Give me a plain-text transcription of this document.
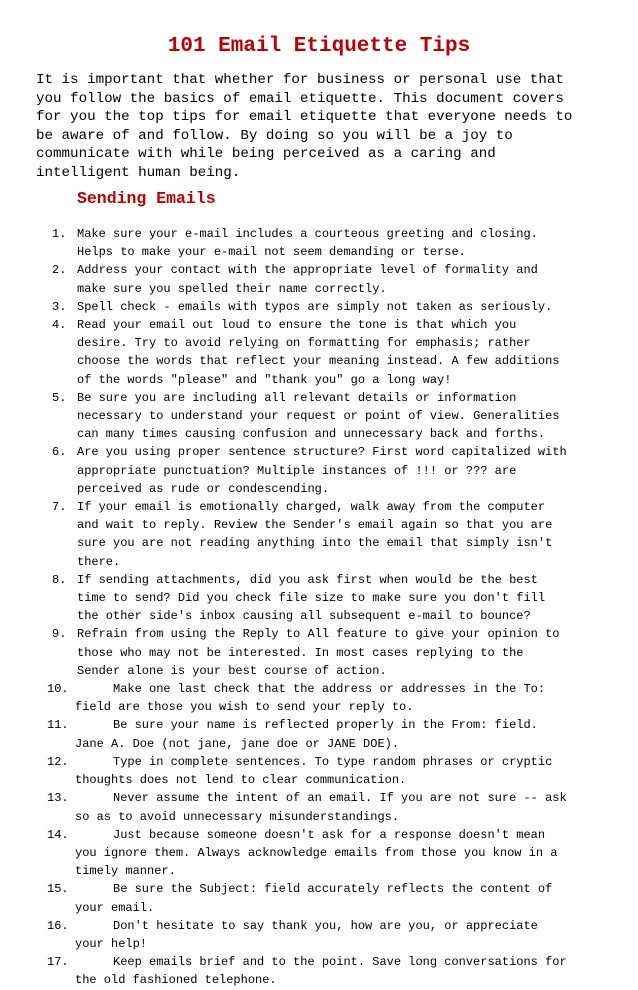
101 Email Etiquette Tips

It is important that whether for business or personal use that
you follow the basics of email etiquette. This document covers
for you the top tips for email etiquette that everyone needs to
be aware of and follow. By doing so you will be a joy to
communicate with while being perceived as a caring and
intelligent human being.

Sending Emails
1. Make sure your e-mail includes a courteous greeting and closing.
Helps to make your e-mail not seem demanding or terse.
2. Address your contact with the appropriate level of formality and
make sure you spelled their name correctly.
3. Spell check - emails with typos are simply not taken as seriously.
4. Read your email out loud to ensure the tone is that which you
desire. Try to avoid relying on formatting for emphasis; rather
choose the words that reflect your meaning instead. A few additions
of the words "please" and "thank you" go a long way!
5. Be sure you are including all relevant details or information
necessary to understand your request or point of view. Generalities
can many times causing confusion and unnecessary back and forths.
6. Are you using proper sentence structure? First word capitalized with
appropriate punctuation? Multiple instances of !!! or ??? are
perceived as rude or condescending.
7. If your email is emotionally charged, walk away from the computer
and wait to reply. Review the Sender's email again so that you are
sure you are not reading anything into the email that simply isn't
there.
8. If sending attachments, did you ask first when would be the best
time to send? Did you check file size to make sure you don't fill
the other side's inbox causing all subsequent e-mail to bounce?
9. Refrain from using the Reply to All feature to give your opinion to
those who may not be interested. In most cases replying to the
Sender alone is your best course of action.
10.	Make one last check that the address or addresses in the To:
field are those you wish to send your reply to.
11.	Be sure your name is reflected properly in the From: field.
Jane A. Doe (not jane, jane doe or JANE DOE).
12.	Type in complete sentences. To type random phrases or cryptic
thoughts does not lend to clear communication.
13.	Never assume the intent of an email. If you are not sure -- ask
so as to avoid unnecessary misunderstandings.
14.	Just because someone doesn't ask for a response doesn't mean
you ignore them. Always acknowledge emails from those you know in a
timely manner.
15.	Be sure the Subject: field accurately reflects the content of
your email.
16.	Don't hesitate to say thank you, how are you, or appreciate
your help!
17.	Keep emails brief and to the point. Save long conversations for
the old fashioned telephone.
